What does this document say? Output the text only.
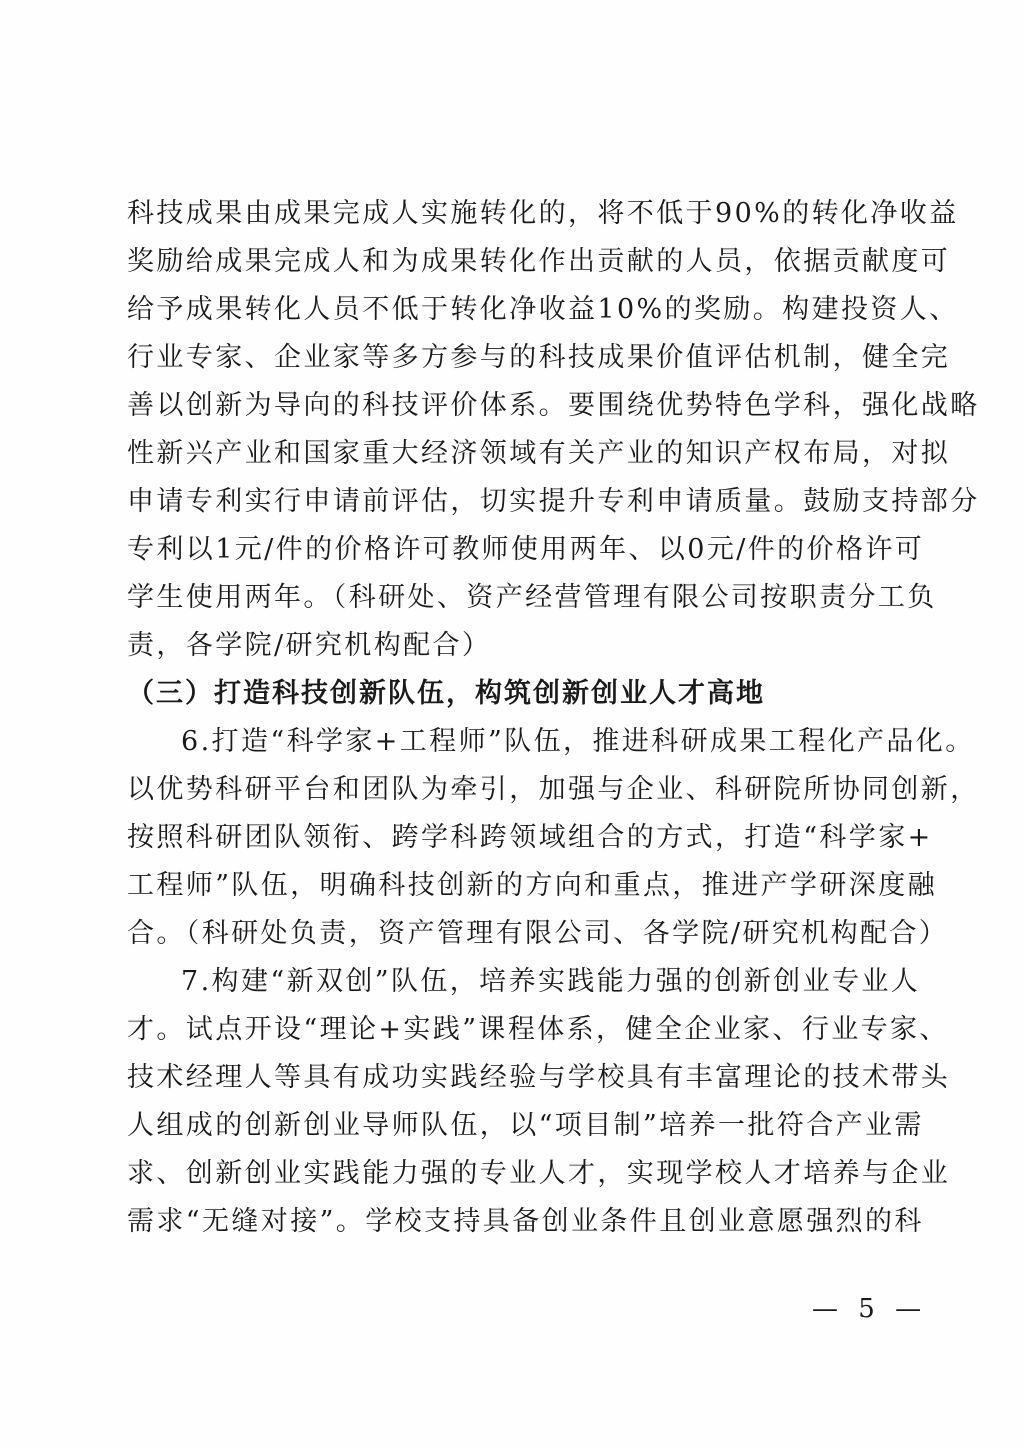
科技成果由成果完成人实施转化的，将不低于90%的转化净收益
奖励给成果完成人和为成果转化作出贡献的人员，依据贡献度可
给予成果转化人员不低于转化净收益10%的奖励。构建投资人、
行业专家、企业家等多方参与的科技成果价值评估机制，健全完
善以创新为导向的科技评价体系。要围绕优势特色学科，强化战略
性新兴产业和国家重大经济领域有关产业的知识产权布局，对拟
申请专利实行申请前评估，切实提升专利申请质量。鼓励支持部分
专利以1元/件的价格许可教师使用两年、以0元/件的价格许可
学生使用两年。（科研处、资产经营管理有限公司按职责分工负
责，各学院/研究机构配合）
（三）打造科技创新队伍，构筑创新创业人才高地
6.打造“科学家+工程师”队伍，推进科研成果工程化产品化。
以优势科研平台和团队为牵引，加强与企业、科研院所协同创新，
按照科研团队领衔、跨学科跨领域组合的方式，打造“科学家+
工程师”队伍，明确科技创新的方向和重点，推进产学研深度融
合。（科研处负责，资产管理有限公司、各学院/研究机构配合）
7.构建“新双创”队伍，培养实践能力强的创新创业专业人
才。试点开设“理论+实践”课程体系，健全企业家、行业专家、
技术经理人等具有成功实践经验与学校具有丰富理论的技术带头
人组成的创新创业导师队伍，以“项目制”培养一批符合产业需
求、创新创业实践能力强的专业人才，实现学校人才培养与企业
需求“无缝对接”。学校支持具备创业条件且创业意愿强烈的科
— 5 —
